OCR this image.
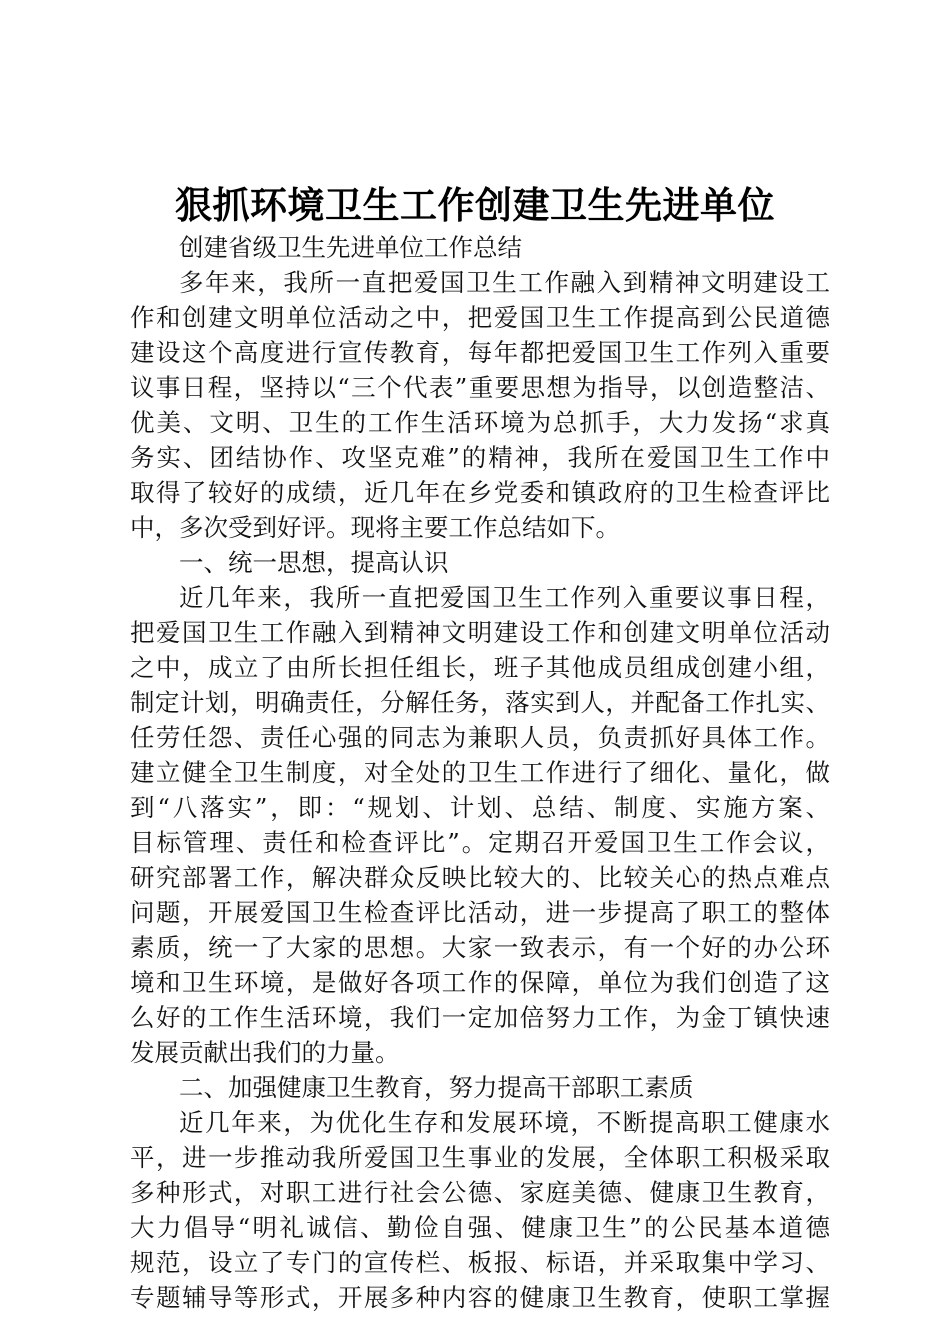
狠抓环境卫生工作创建卫生先进单位
创建省级卫生先进单位工作总结
多年来，我所一直把爱国卫生工作融入到精神文明建设工
作和创建文明单位活动之中，把爱国卫生工作提高到公民道德
建设这个高度进行宣传教育，每年都把爱国卫生工作列入重要
议事日程，坚持以“三个代表”重要思想为指导，以创造整洁、
优美、文明、卫生的工作生活环境为总抓手，大力发扬“求真
务实、团结协作、攻坚克难”的精神，我所在爱国卫生工作中
取得了较好的成绩，近几年在乡党委和镇政府的卫生检查评比
中，多次受到好评。现将主要工作总结如下。
一、统一思想，提高认识
近几年来，我所一直把爱国卫生工作列入重要议事日程，
把爱国卫生工作融入到精神文明建设工作和创建文明单位活动
之中，成立了由所长担任组长，班子其他成员组成创建小组，
制定计划，明确责任，分解任务，落实到人，并配备工作扎实、
任劳任怨、责任心强的同志为兼职人员，负责抓好具体工作。
建立健全卫生制度，对全处的卫生工作进行了细化、量化，做
到“八落实”，即：“规划、计划、总结、制度、实施方案、
目标管理、责任和检查评比”。定期召开爱国卫生工作会议，
研究部署工作，解决群众反映比较大的、比较关心的热点难点
问题，开展爱国卫生检查评比活动，进一步提高了职工的整体
素质，统一了大家的思想。大家一致表示，有一个好的办公环
境和卫生环境，是做好各项工作的保障，单位为我们创造了这
么好的工作生活环境，我们一定加倍努力工作，为金丁镇快速
发展贡献出我们的力量。
二、加强健康卫生教育，努力提高干部职工素质
近几年来，为优化生存和发展环境，不断提高职工健康水
平，进一步推动我所爱国卫生事业的发展，全体职工积极采取
多种形式，对职工进行社会公德、家庭美德、健康卫生教育，
大力倡导“明礼诚信、勤俭自强、健康卫生”的公民基本道德
规范，设立了专门的宣传栏、板报、标语，并采取集中学习、
专题辅导等形式，开展多种内容的健康卫生教育，使职工掌握
